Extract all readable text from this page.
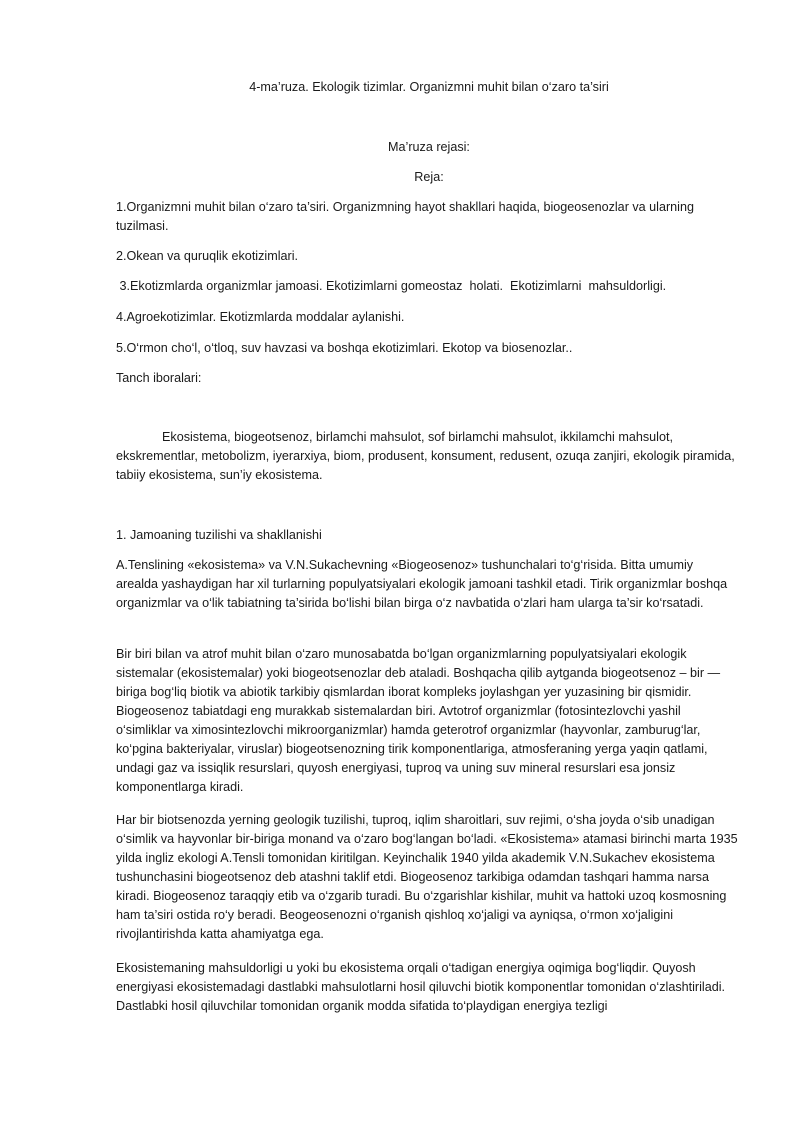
4-ma’ruza. Ekologik tizimlar. Organizmni muhit bilan o‘zaro ta’siri
Ma’ruza rejasi:
Reja:

1.Organizmni muhit bilan o‘zaro ta’siri. Organizmning hayot shakllari haqida, biogeosenozlar va ularning tuzilmasi.

2.Okean va quruqlik ekotizimlari.

3.Ekotizmlarda organizmlar jamoasi. Ekotizimlarni gomeostaz  holati.  Ekotizimlarni  mahsuldorligi.

4.Agroekotizimlar. Ekotizmlarda moddalar aylanishi.

5.O‘rmon cho‘l, o‘tloq, suv havzasi va boshqa ekotizimlari. Ekotop va biosenozlar..

Tanch iboralari:

Ekosistema, biogeotsenoz, birlamchi mahsulot, sof birlamchi mahsulot, ikkilamchi mahsulot, ekskrementlar, metobolizm, iyerarxiya, biom, produsent, konsument, redusent, ozuqa zanjiri, ekologik piramida, tabiiy ekosistema, sun’iy ekosistema.

1. Jamoaning tuzilishi va shakllanishi

A.Tenslining «ekosistema» va V.N.Sukachevning «Biogeosenoz» tushunchalari to‘g‘risida. Bitta umumiy arealda yashaydigan har xil turlarning populyatsiyalari ekologik jamoani tashkil etadi. Tirik organizmlar boshqa organizmlar va o‘lik tabiatning ta’sirida bo‘lishi bilan birga o‘z navbatida o‘zlari ham ularga ta’sir ko‘rsatadi.

Bir biri bilan va atrof muhit bilan o‘zaro munosabatda bo‘lgan organizmlarning populyatsiyalari ekologik sistemalar (ekosistemalar) yoki biogeotsenozlar deb ataladi. Boshqacha qilib aytganda biogeotsenoz – bir — biriga bog‘liq biotik va abiotik tarkibiy qismlardan iborat kompleks joylashgan yer yuzasining bir qismidir. Biogeosenoz tabiatdagi eng murakkab sistemalardan biri. Avtotrof organizmlar (fotosintezlovchi yashil o‘simliklar va ximosintezlovchi mikroorganizmlar) hamda geterotrof organizmlar (hayvonlar, zamburug‘lar, ko‘pgina bakteriyalar, viruslar) biogeotsenozning tirik komponentlariga, atmosferaning yerga yaqin qatlami, undagi gaz va issiqlik resurslari, quyosh energiyasi, tuproq va uning suv mineral resurslari esa jonsiz komponentlarga kiradi.

Har bir biotsenozda yerning geologik tuzilishi, tuproq, iqlim sharoitlari, suv rejimi, o‘sha joyda o‘sib unadigan o‘simlik va hayvonlar bir-biriga monand va o‘zaro bog‘langan bo‘ladi. «Ekosistema» atamasi birinchi marta 1935 yilda ingliz ekologi A.Tensli tomonidan kiritilgan. Keyinchalik 1940 yilda akademik V.N.Sukachev ekosistema tushunchasini biogeotsenoz deb atashni taklif etdi. Biogeosenoz tarkibiga odamdan tashqari hamma narsa kiradi. Biogeosenoz taraqqiy etib va o‘zgarib turadi. Bu o‘zgarishlar kishilar, muhit va hattoki uzoq kosmosning ham ta’siri ostida ro‘y beradi. Beogeosenozni o‘rganish qishloq xo‘jaligi va ayniqsa, o‘rmon xo‘jaligini rivojlantirishda katta ahamiyatga ega.

Ekosistemaning mahsuldorligi u yoki bu ekosistema orqali o‘tadigan energiya oqimiga bog‘liqdir. Quyosh energiyasi ekosistemadagi dastlabki mahsulotlarni hosil qiluvchi biotik komponentlar tomonidan o‘zlashtiriladi. Dastlabki hosil qiluvchilar tomonidan organik modda sifatida to‘playdigan energiya tezligi
